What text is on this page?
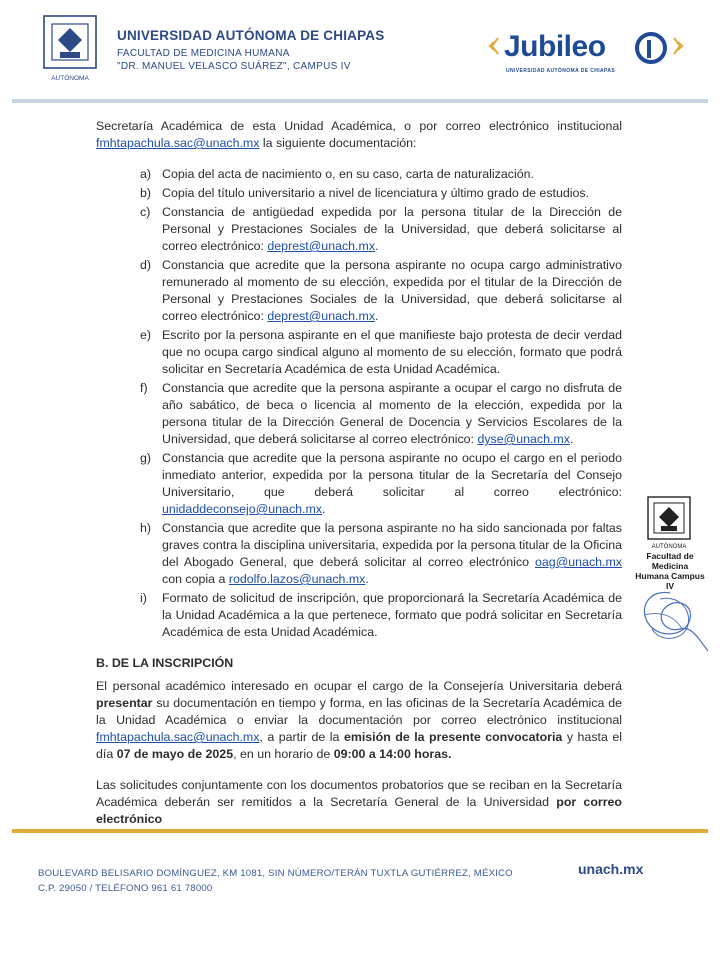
AUTÓNOMA
UNIVERSIDAD AUTÓNOMA DE CHIAPAS
FACULTAD DE MEDICINA HUMANA
"DR. MANUEL VELASCO SUÁREZ", CAMPUS IV
Jubileo
UNIVERSIDAD AUTÓNOMA DE CHIAPAS

Secretaría Académica de esta Unidad Académica, o por correo electrónico institucional fmhtapachula.sac@unach.mx la siguiente documentación:

a) Copia del acta de nacimiento o, en su caso, carta de naturalización.
b) Copia del título universitario a nivel de licenciatura y último grado de estudios.
c) Constancia de antigüedad expedida por la persona titular de la Dirección de Personal y Prestaciones Sociales de la Universidad, que deberá solicitarse al correo electrónico: deprest@unach.mx.
d) Constancia que acredite que la persona aspirante no ocupa cargo administrativo remunerado al momento de su elección, expedida por el titular de la Dirección de Personal y Prestaciones Sociales de la Universidad, que deberá solicitarse al correo electrónico: deprest@unach.mx.
e) Escrito por la persona aspirante en el que manifieste bajo protesta de decir verdad que no ocupa cargo sindical alguno al momento de su elección, formato que podrá solicitar en Secretaría Académica de esta Unidad Académica.
f) Constancia que acredite que la persona aspirante a ocupar el cargo no disfruta de año sabático, de beca o licencia al momento de la elección, expedida por la persona titular de la Dirección General de Docencia y Servicios Escolares de la Universidad, que deberá solicitarse al correo electrónico: dyse@unach.mx.
g) Constancia que acredite que la persona aspirante no ocupo el cargo en el periodo inmediato anterior, expedida por la persona titular de la Secretaría del Consejo Universitario, que deberá solicitar al correo electrónico: unidaddeconsejo@unach.mx.
h) Constancia que acredite que la persona aspirante no ha sido sancionada por faltas graves contra la disciplina universitaria, expedida por la persona titular de la Oficina del Abogado General, que deberá solicitar al correo electrónico oag@unach.mx con copia a rodolfo.lazos@unach.mx.
i) Formato de solicitud de inscripción, que proporcionará la Secretaría Académica de la Unidad Académica a la que pertenece, formato que podrá solicitar en Secretaría Académica de esta Unidad Académica.
B. DE LA INSCRIPCIÓN

El personal académico interesado en ocupar el cargo de la Consejería Universitaria deberá presentar su documentación en tiempo y forma, en las oficinas de la Secretaría Académica de la Unidad Académica o enviar la documentación por correo electrónico institucional fmhtapachula.sac@unach.mx, a partir de la emisión de la presente convocatoria y hasta el día 07 de mayo de 2025, en un horario de 09:00 a 14:00 horas.

Las solicitudes conjuntamente con los documentos probatorios que se reciban en la Secretaría Académica deberán ser remitidos a la Secretaría General de la Universidad por correo electrónico

AUTÓNOMA
Facultad de
Medicina
Humana Campus
IV
BOULEVARD BELISARIO DOMÍNGUEZ, KM 1081, SIN NÚMERO/TERÁN TUXTLA GUTIÉRREZ, MÉXICO
C.P. 29050 / TELÉFONO 961 61 78000
unach.mx
